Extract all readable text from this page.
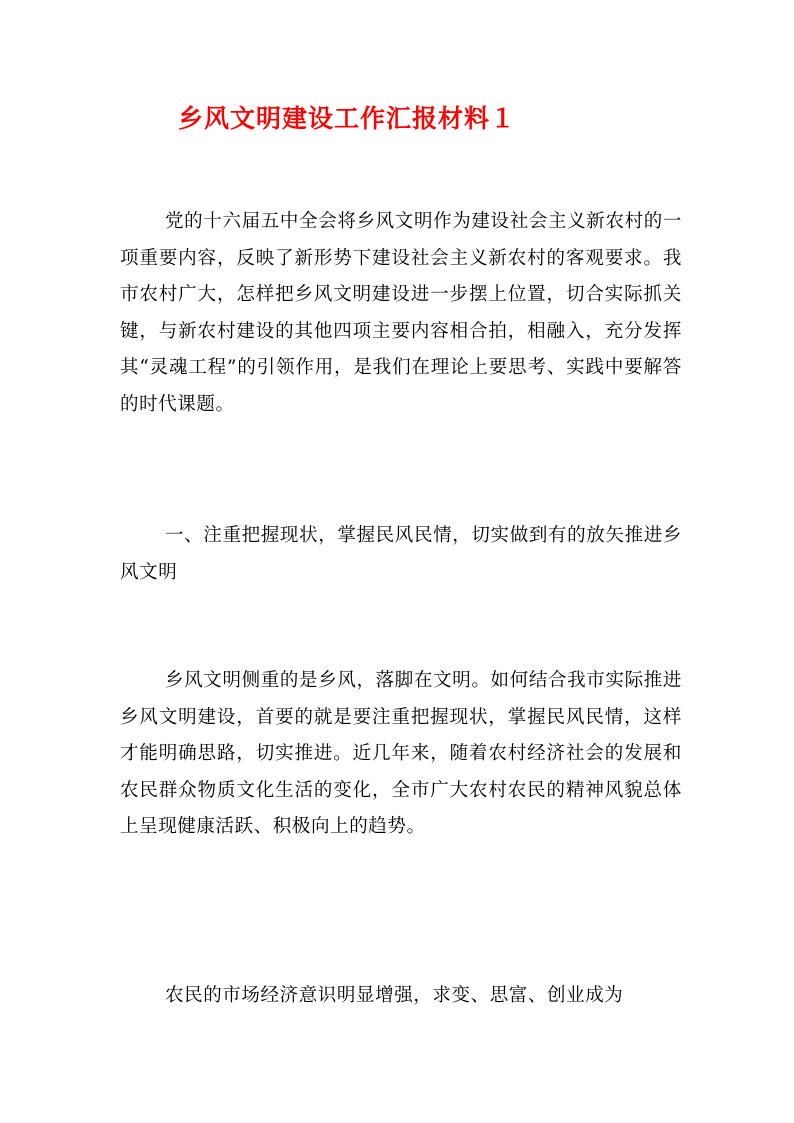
乡风文明建设工作汇报材料１

党的十六届五中全会将乡风文明作为建设社会主义新农村的一项重要内容，反映了新形势下建设社会主义新农村的客观要求。我市农村广大，怎样把乡风文明建设进一步摆上位置，切合实际抓关键，与新农村建设的其他四项主要内容相合拍，相融入，充分发挥其“灵魂工程”的引领作用，是我们在理论上要思考、实践中要解答的时代课题。

一、注重把握现状，掌握民风民情，切实做到有的放矢推进乡风文明

乡风文明侧重的是乡风，落脚在文明。如何结合我市实际推进乡风文明建设，首要的就是要注重把握现状，掌握民风民情，这样才能明确思路，切实推进。近几年来，随着农村经济社会的发展和农民群众物质文化生活的变化，全市广大农村农民的精神风貌总体上呈现健康活跃、积极向上的趋势。

农民的市场经济意识明显增强，求变、思富、创业成为
